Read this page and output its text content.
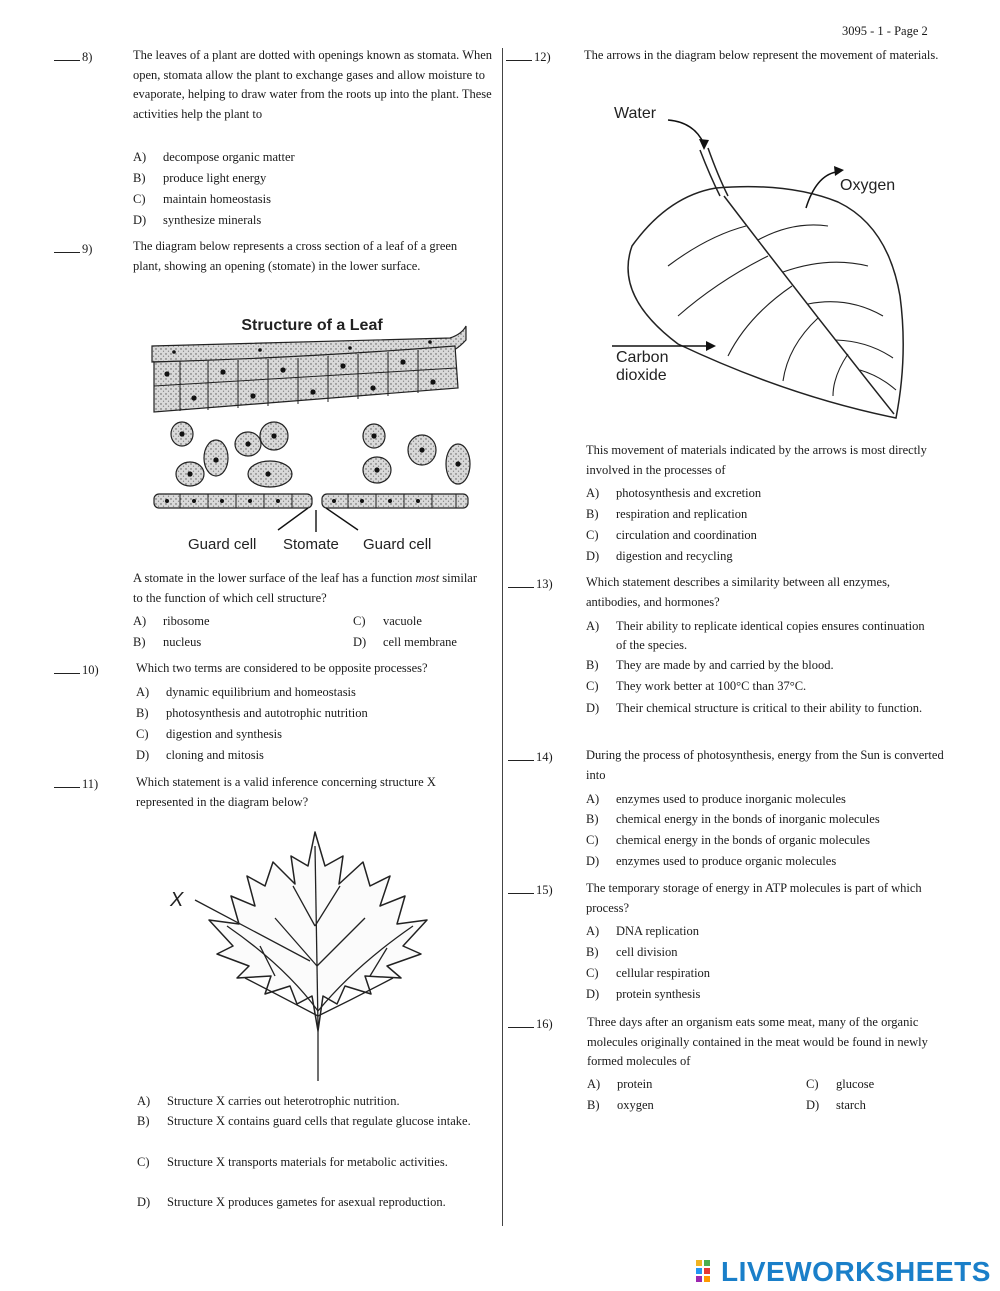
3095 - 1 - Page 2
8)	The leaves of a plant are dotted with openings known as stomata. When open, stomata allow the plant to exchange gases and allow moisture to evaporate, helping to draw water from the roots up into the plant. These activities help the plant to
A) decompose organic matter
B) produce light energy
C) maintain homeostasis
D) synthesize minerals
9)	The diagram below represents a cross section of a leaf of a green plant, showing an opening (stomate) in the lower surface.
Structure of a Leaf
Guard cell Stomate Guard cell
A stomate in the lower surface of the leaf has a function most similar to the function of which cell structure?
A) ribosome
B) nucleus
C) vacuole
D) cell membrane
10)	Which two terms are considered to be opposite processes?
A) dynamic equilibrium and homeostasis
B) photosynthesis and autotrophic nutrition
C) digestion and synthesis
D) cloning and mitosis
11)	Which statement is a valid inference concerning structure X represented in the diagram below?
X
A) Structure X carries out heterotrophic nutrition.
B)	Structure X contains guard cells that regulate glucose intake.
C)	Structure X transports materials for metabolic activities.
D) Structure X produces gametes for asexual reproduction.
12)	The arrows in the diagram below represent the movement of materials.
Water
Oxygen
Carbon
dioxide
This movement of materials indicated by the arrows is most directly involved in the processes of
A) photosynthesis and excretion
B) respiration and replication
C) circulation and coordination
D) digestion and recycling
13)	Which statement describes a similarity between all enzymes, antibodies, and hormones?
A)	Their ability to replicate identical copies ensures continuation of the species.
B) They are made by and carried by the blood.
C) They work better at 100°C than 37°C.
D)	Their chemical structure is critical to their ability to function.
14)	During the process of photosynthesis, energy from the Sun is converted into
A) enzymes used to produce inorganic molecules
B) chemical energy in the bonds of inorganic molecules
C) chemical energy in the bonds of organic molecules
D) enzymes used to produce organic molecules
15)	The temporary storage of energy in ATP molecules is part of which process?
A) DNA replication
B) cell division
C) cellular respiration
D) protein synthesis
16)	Three days after an organism eats some meat, many of the organic molecules originally contained in the meat would be found in newly formed molecules of
A) protein
B) oxygen
C) glucose
D) starch
LIVEWORKSHEETS
